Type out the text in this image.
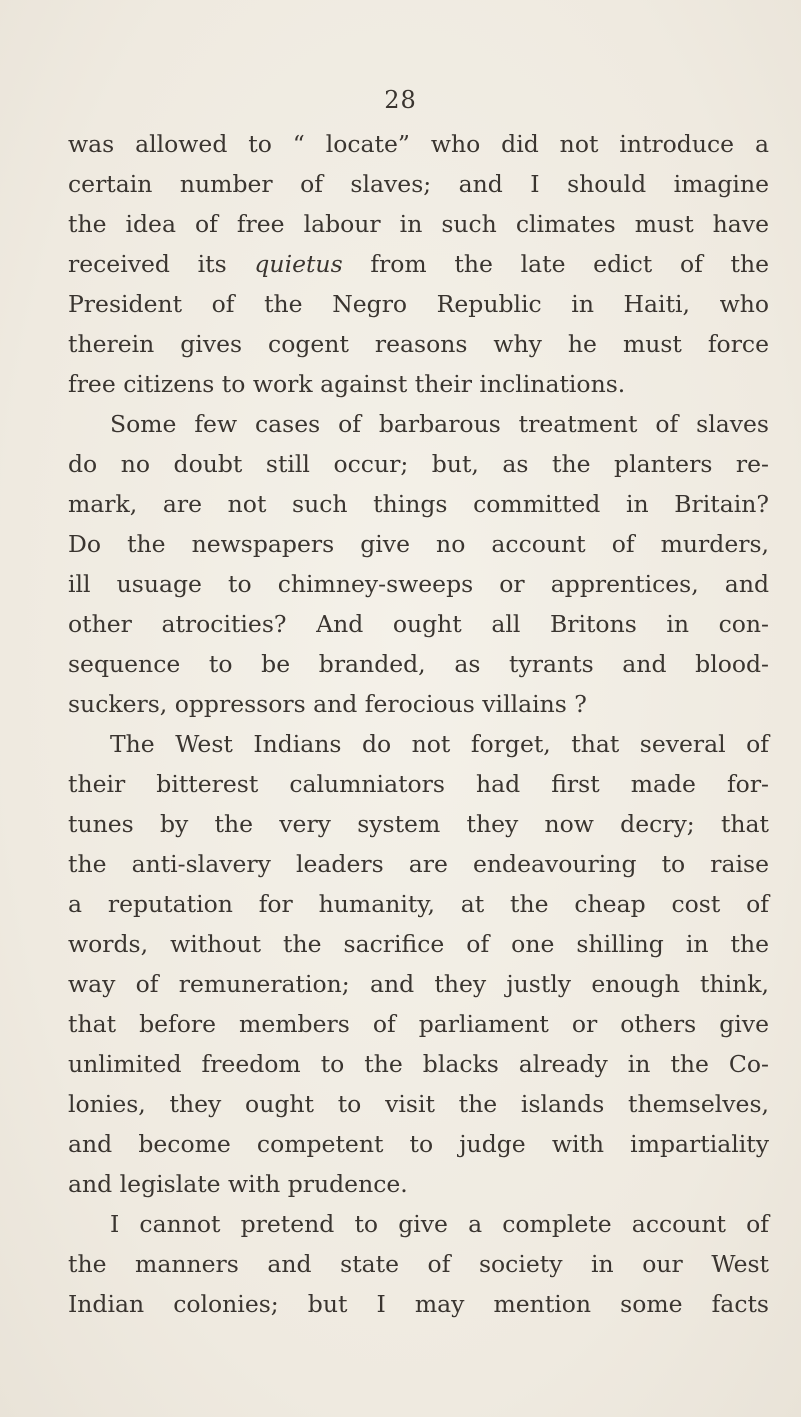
28
was allowed to “ locate” who did not introduce a
certain number of slaves; and I should imagine
the idea of free labour in such climates must have
received its quietus from the late edict of the
President of the Negro Republic in Haiti, who
therein gives cogent reasons why he must force
free citizens to work against their inclinations.
Some few cases of barbarous treatment of slaves
do no doubt still occur; but, as the planters re-
mark, are not such things committed in Britain?
Do the newspapers give no account of murders,
ill usuage to chimney-sweeps or apprentices, and
other atrocities? And ought all Britons in con-
sequence to be branded, as tyrants and blood-
suckers, oppressors and ferocious villains ?
The West Indians do not forget, that several of
their bitterest calumniators had first made for-
tunes by the very system they now decry; that
the anti-slavery leaders are endeavouring to raise
a reputation for humanity, at the cheap cost of
words, without the sacrifice of one shilling in the
way of remuneration; and they justly enough think,
that before members of parliament or others give
unlimited freedom to the blacks already in the Co-
lonies, they ought to visit the islands themselves,
and become competent to judge with impartiality
and legislate with prudence.
I cannot pretend to give a complete account of
the manners and state of society in our West
Indian colonies; but I may mention some facts
